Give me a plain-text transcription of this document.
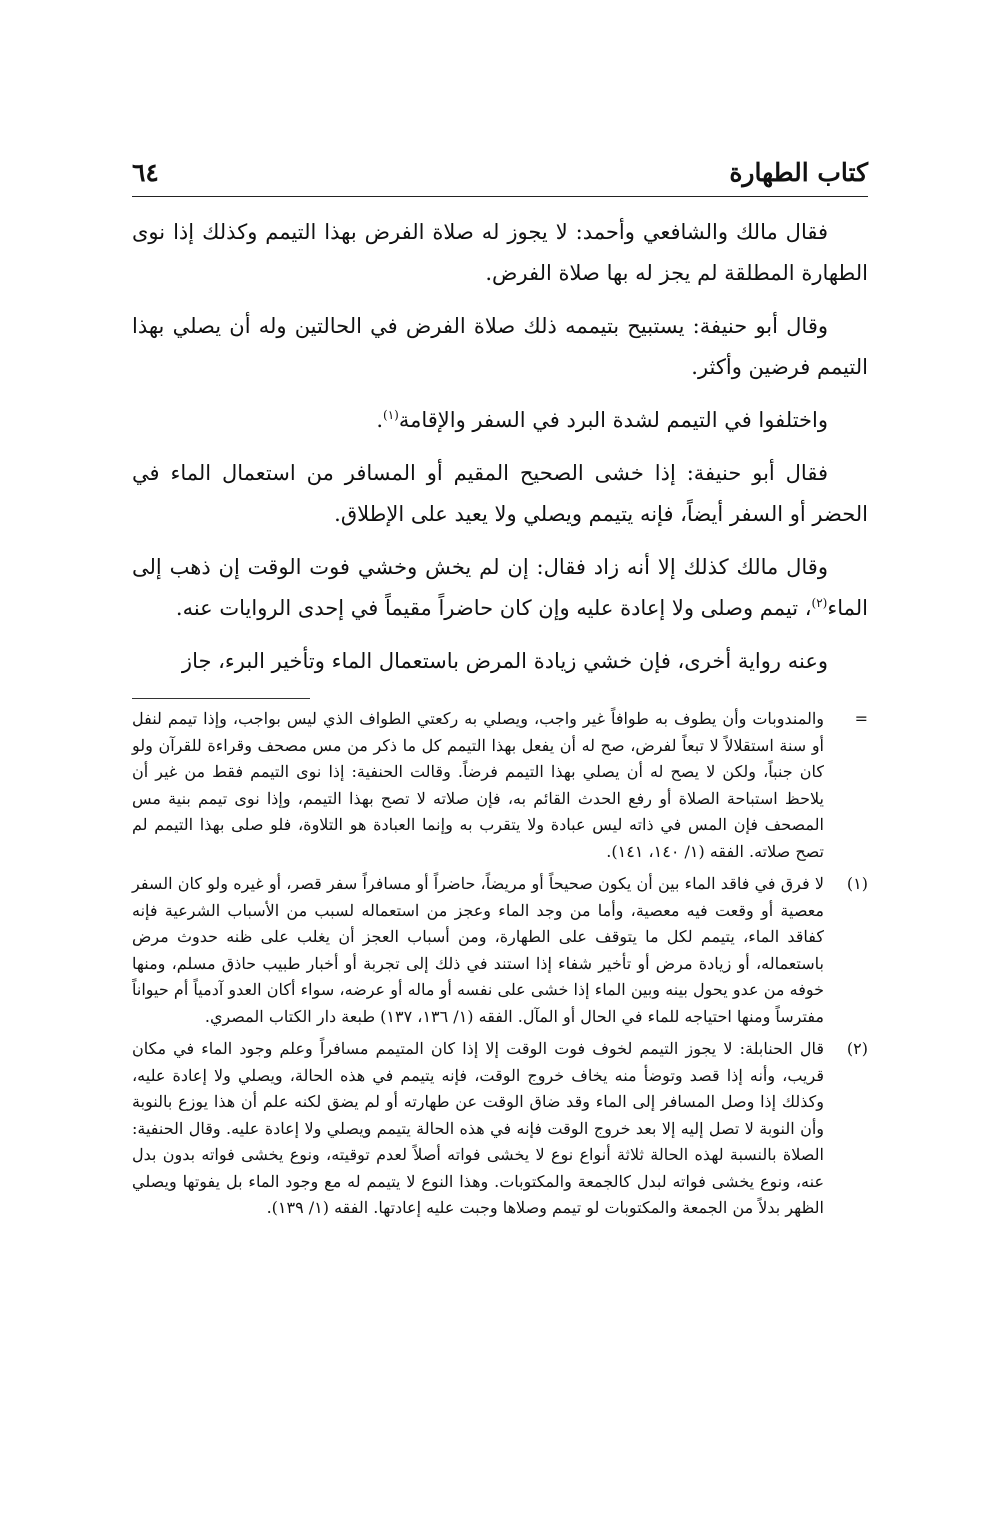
كتاب الطهارة
٦٤

فقال مالك والشافعي وأحمد: لا يجوز له صلاة الفرض بهذا التيمم وكذلك إذا نوى الطهارة المطلقة لم يجز له بها صلاة الفرض.

وقال أبو حنيفة: يستبيح بتيممه ذلك صلاة الفرض في الحالتين وله أن يصلي بهذا التيمم فرضين وأكثر.

واختلفوا في التيمم لشدة البرد في السفر والإقامة$^{(١)}$.

فقال أبو حنيفة: إذا خشى الصحيح المقيم أو المسافر من استعمال الماء في الحضر أو السفر أيضاً، فإنه يتيمم ويصلي ولا يعيد على الإطلاق.

وقال مالك كذلك إلا أنه زاد فقال: إن لم يخش وخشي فوت الوقت إن ذهب إلى الماء$^{(٢)}$، تيمم وصلى ولا إعادة عليه وإن كان حاضراً مقيماً في إحدى الروايات عنه.

وعنه رواية أخرى، فإن خشي زيادة المرض باستعمال الماء وتأخير البرء، جاز

=
والمندوبات وأن يطوف به طوافاً غير واجب، ويصلي به ركعتي الطواف الذي ليس بواجب، وإذا تيمم لنفل أو سنة استقلالاً لا تبعاً لفرض، صح له أن يفعل بهذا التيمم كل ما ذكر من مس مصحف وقراءة للقرآن ولو كان جنباً، ولكن لا يصح له أن يصلي بهذا التيمم فرضاً. وقالت الحنفية: إذا نوى التيمم فقط من غير أن يلاحظ استباحة الصلاة أو رفع الحدث القائم به، فإن صلاته لا تصح بهذا التيمم، وإذا نوى تيمم بنية مس المصحف فإن المس في ذاته ليس عبادة ولا يتقرب به وإنما العبادة هو التلاوة، فلو صلى بهذا التيمم لم تصح صلاته. الفقه (١/ ١٤٠، ١٤١).
(١)
لا فرق في فاقد الماء بين أن يكون صحيحاً أو مريضاً، حاضراً أو مسافراً سفر قصر، أو غيره ولو كان السفر معصية أو وقعت فيه معصية، وأما من وجد الماء وعجز من استعماله لسبب من الأسباب الشرعية فإنه كفاقد الماء، يتيمم لكل ما يتوقف على الطهارة، ومن أسباب العجز أن يغلب على ظنه حدوث مرض باستعماله، أو زيادة مرض أو تأخير شفاء إذا استند في ذلك إلى تجربة أو أخبار طبيب حاذق مسلم، ومنها خوفه من عدو يحول بينه وبين الماء إذا خشى على نفسه أو ماله أو عرضه، سواء أكان العدو آدمياً أم حيواناً مفترساً ومنها احتياجه للماء في الحال أو المآل. الفقه (١/ ١٣٦، ١٣٧) طبعة دار الكتاب المصري.
(٢)
قال الحنابلة: لا يجوز التيمم لخوف فوت الوقت إلا إذا كان المتيمم مسافراً وعلم وجود الماء في مكان قريب، وأنه إذا قصد وتوضأ منه يخاف خروج الوقت، فإنه يتيمم في هذه الحالة، ويصلي ولا إعادة عليه، وكذلك إذا وصل المسافر إلى الماء وقد ضاق الوقت عن طهارته أو لم يضق لكنه علم أن هذا يوزع بالنوبة وأن النوبة لا تصل إليه إلا بعد خروج الوقت فإنه في هذه الحالة يتيمم ويصلي ولا إعادة عليه. وقال الحنفية: الصلاة بالنسبة لهذه الحالة ثلاثة أنواع نوع لا يخشى فواته أصلاً لعدم توقيته، ونوع يخشى فواته بدون بدل عنه، ونوع يخشى فواته لبدل كالجمعة والمكتوبات. وهذا النوع لا يتيمم له مع وجود الماء بل يفوتها ويصلي الظهر بدلاً من الجمعة والمكتوبات لو تيمم وصلاها وجبت عليه إعادتها. الفقه (١/ ١٣٩).
